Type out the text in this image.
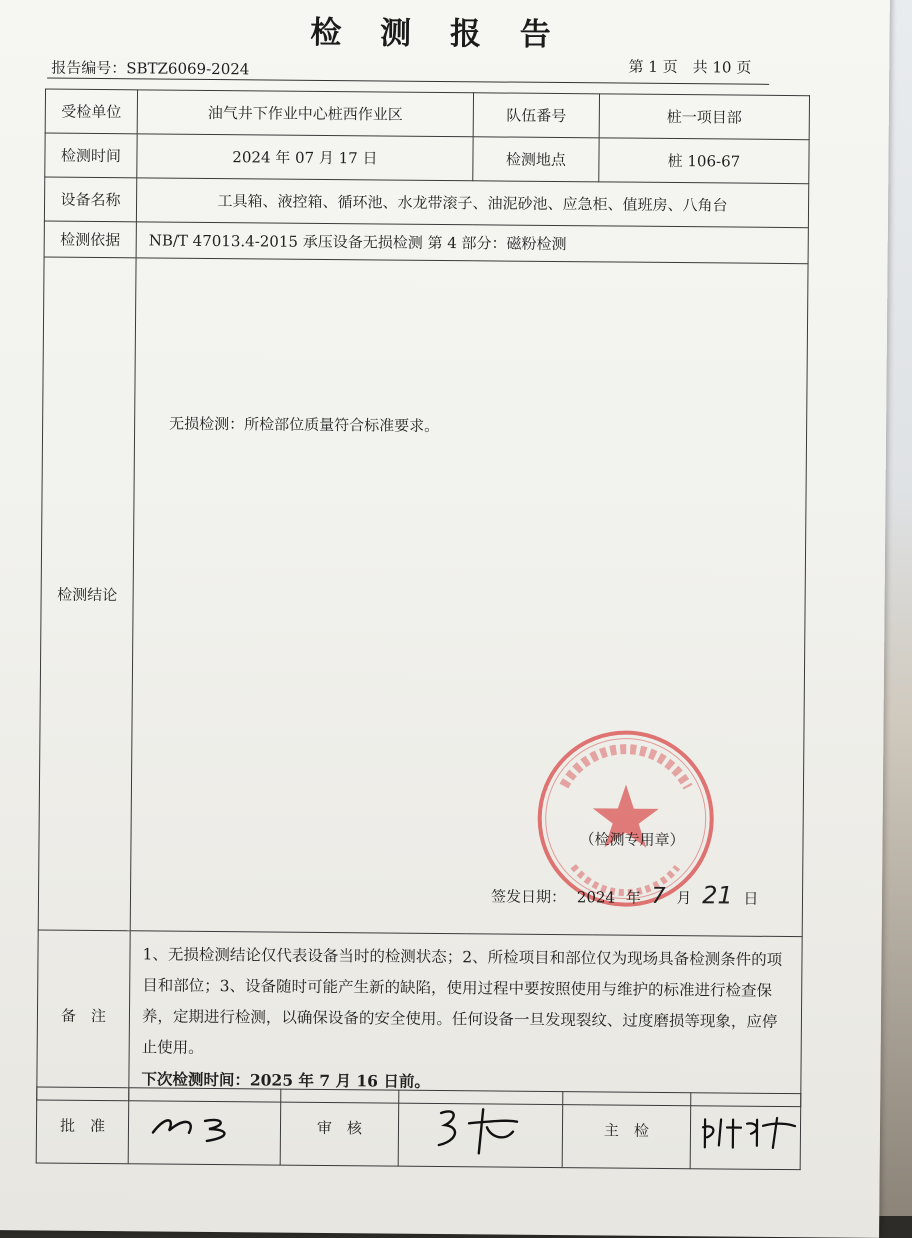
检 测 报 告
报告编号：SBTZ6069-2024	第 1 页　共 10 页
受检单位	油气井下作业中心桩西作业区	队伍番号	桩一项目部
检测时间	2024 年 07 月 17 日	检测地点	桩 106-67
设备名称	工具箱、液控箱、循环池、水龙带滚子、油泥砂池、应急柜、值班房、八角台		
检测依据	NB/T 47013.4-2015 承压设备无损检测 第 4 部分：磁粉检测		
检测结论	无损检测：所检部位质量符合标准要求。
（检测专用章）
签发日期： 2024 年 7 月 21 日		

备　注	1、无损检测结论仅代表设备当时的检测状态；2、所检项目和部位仅为现场具备检测条件的项目和部位；3、设备随时可能产生新的缺陷，使用过程中要按照使用与维护的标准进行检查保养，定期进行检测，以确保设备的安全使用。任何设备一旦发现裂纹、过度磨损等现象，应停止使用。
下次检测时间：2025 年 7 月 16 日前。		
批　准		审　核		主　检	
